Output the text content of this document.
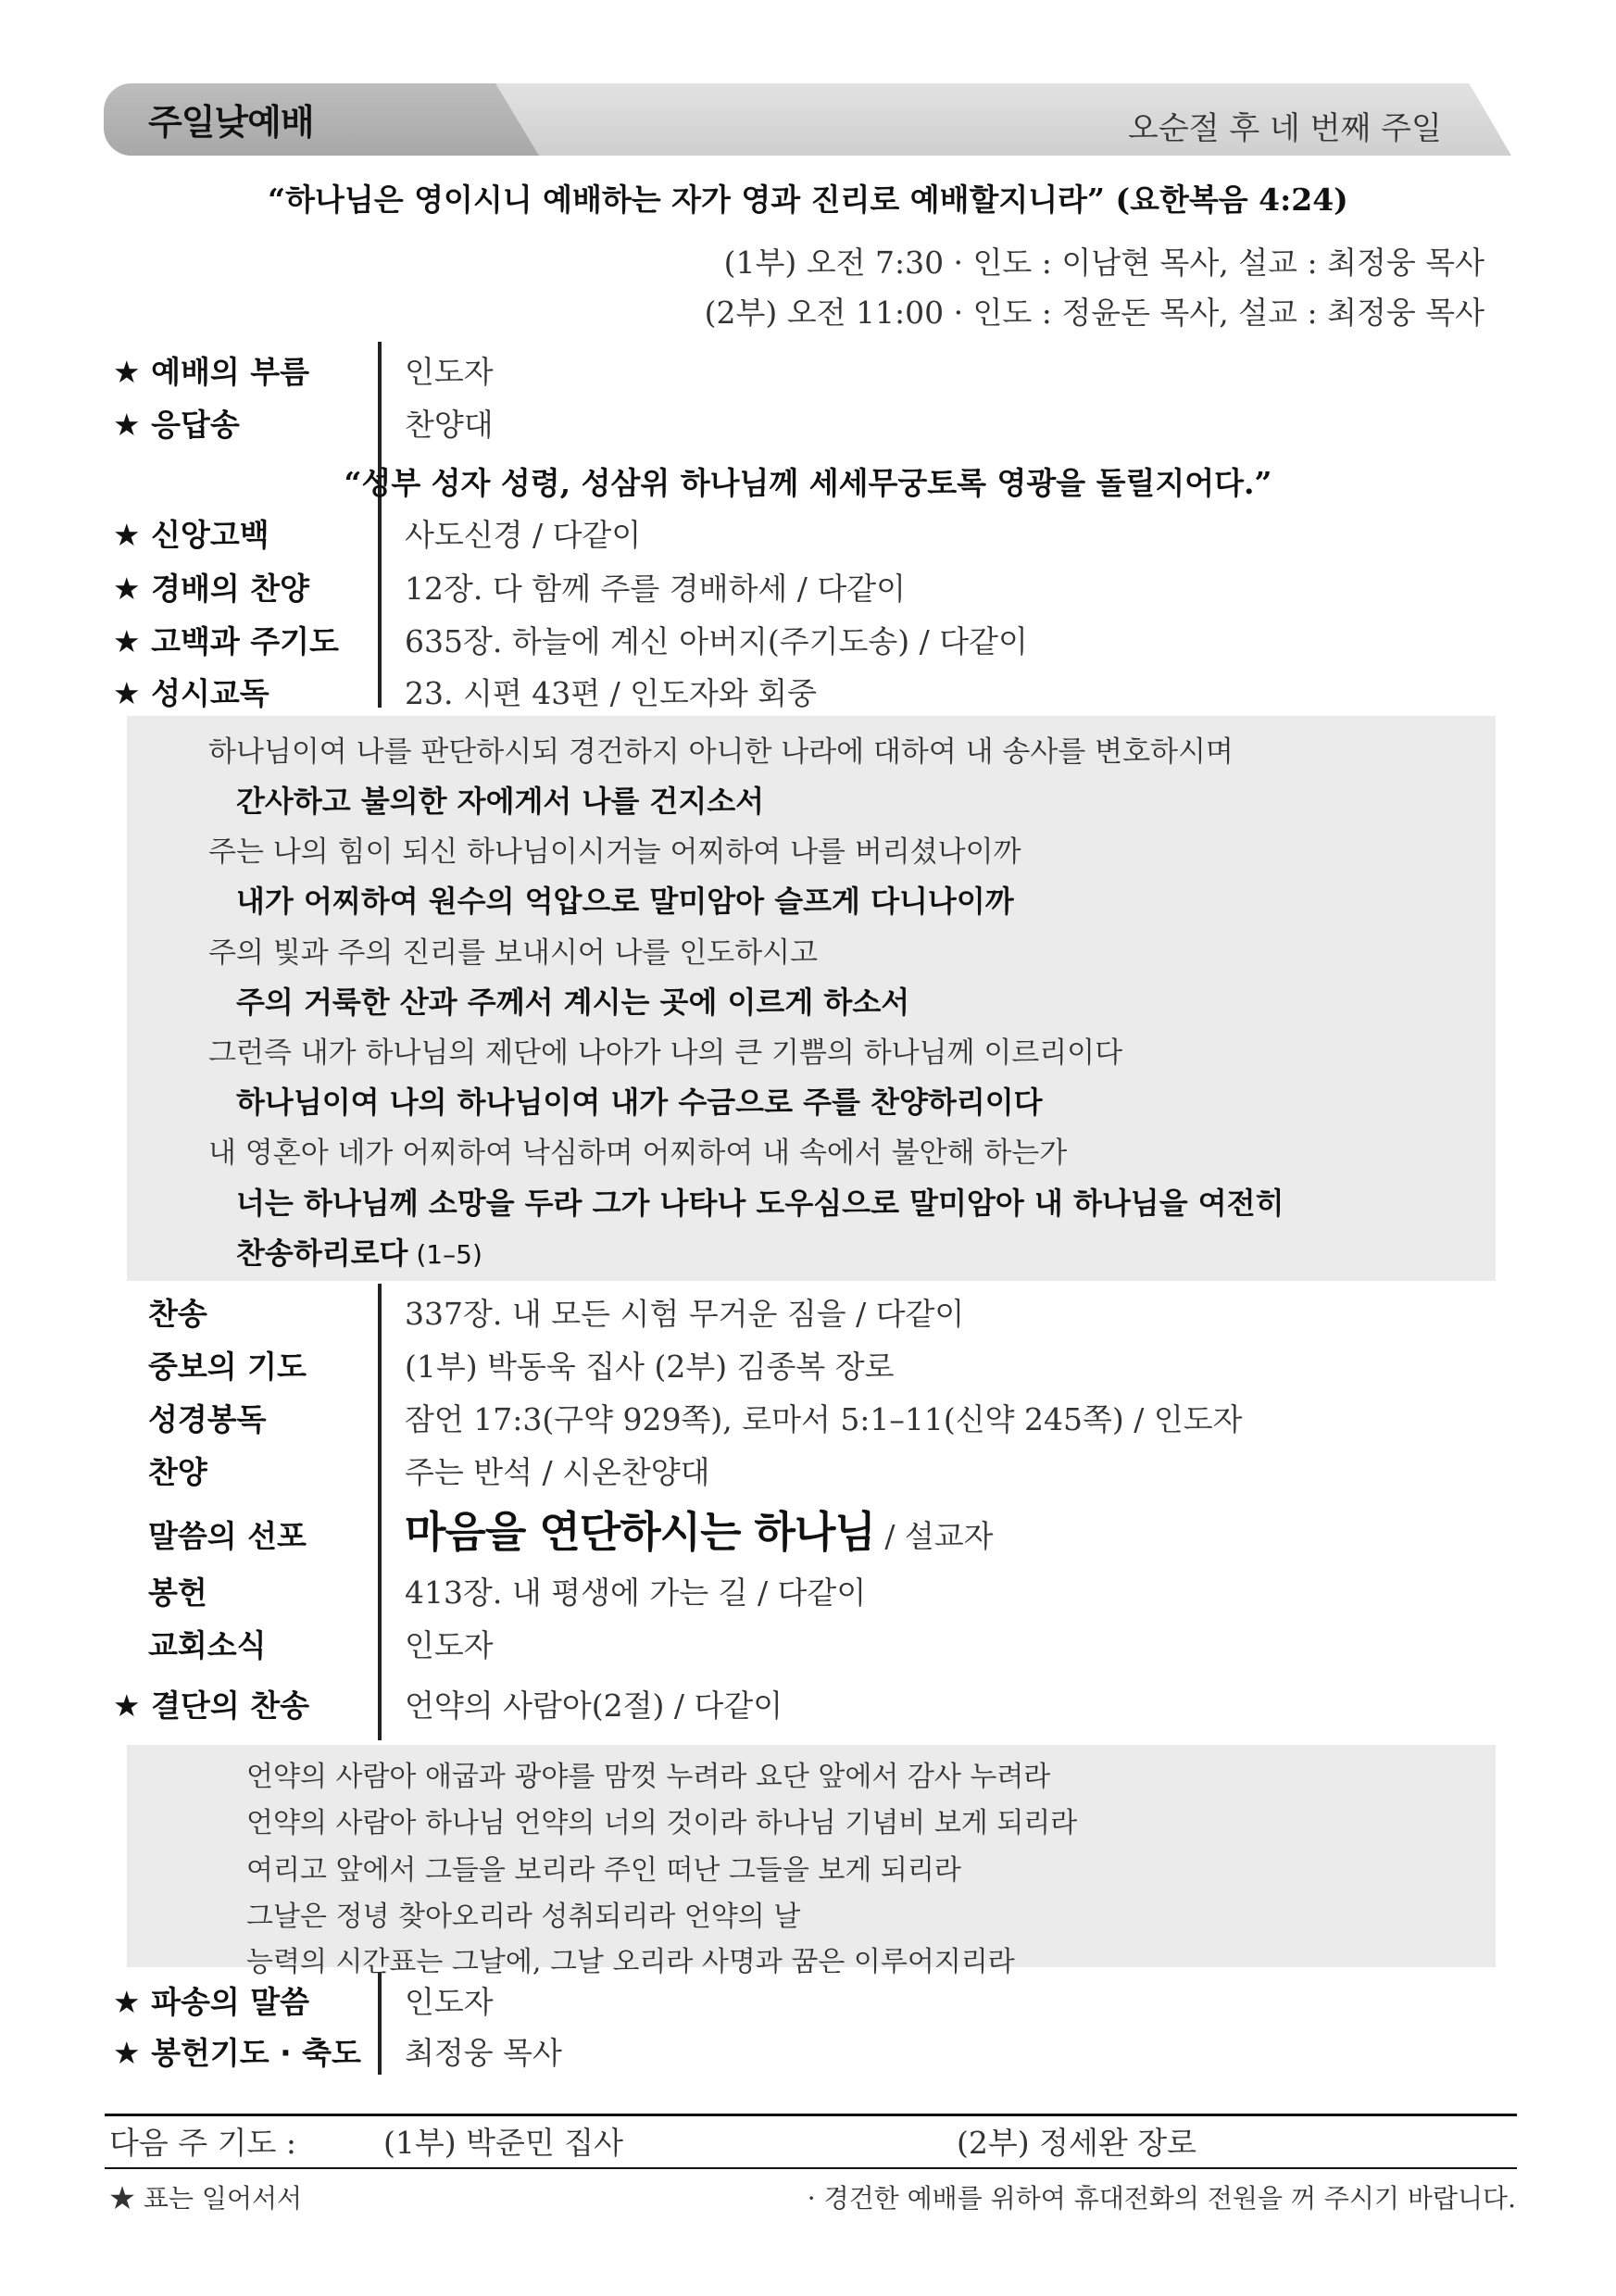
주일낮예배	오순절 후 네 번째 주일
“하나님은 영이시니 예배하는 자가 영과 진리로 예배할지니라” (요한복음 4:24)
(1부) 오전 7:30 · 인도 : 이남현 목사, 설교 : 최정웅 목사
(2부) 오전 11:00 · 인도 : 정윤돈 목사, 설교 : 최정웅 목사
★ 예배의 부름	인도자
★ 응답송	찬양대
“성부 성자 성령, 성삼위 하나님께 세세무궁토록 영광을 돌릴지어다.”
★ 신앙고백	사도신경 / 다같이
★ 경배의 찬양	12장. 다 함께 주를 경배하세 / 다같이
★ 고백과 주기도 635장. 하늘에 계신 아버지(주기도송) / 다같이
★ 성시교독	23. 시편 43편 / 인도자와 회중
하나님이여 나를 판단하시되 경건하지 아니한 나라에 대하여 내 송사를 변호하시며
간사하고 불의한 자에게서 나를 건지소서
주는 나의 힘이 되신 하나님이시거늘 어찌하여 나를 버리셨나이까
내가 어찌하여 원수의 억압으로 말미암아 슬프게 다니나이까
주의 빛과 주의 진리를 보내시어 나를 인도하시고
주의 거룩한 산과 주께서 계시는 곳에 이르게 하소서
그런즉 내가 하나님의 제단에 나아가 나의 큰 기쁨의 하나님께 이르리이다
하나님이여 나의 하나님이여 내가 수금으로 주를 찬양하리이다
내 영혼아 네가 어찌하여 낙심하며 어찌하여 내 속에서 불안해 하는가
너는 하나님께 소망을 두라 그가 나타나 도우심으로 말미암아 내 하나님을 여전히
찬송하리로다 (1–5)
찬송	337장. 내 모든 시험 무거운 짐을 / 다같이
중보의 기도	(1부) 박동욱 집사 (2부) 김종복 장로
성경봉독	잠언 17:3(구약 929쪽), 로마서 5:1–11(신약 245쪽) / 인도자
찬양	주는 반석 / 시온찬양대
말씀의 선포 마음을 연단하시는 하나님 / 설교자
봉헌	413장. 내 평생에 가는 길 / 다같이
교회소식	인도자
★ 결단의 찬송	언약의 사람아(2절) / 다같이
언약의 사람아 애굽과 광야를 맘껏 누려라 요단 앞에서 감사 누려라
언약의 사람아 하나님 언약의 너의 것이라 하나님 기념비 보게 되리라
여리고 앞에서 그들을 보리라 주인 떠난 그들을 보게 되리라
그날은 정녕 찾아오리라 성취되리라 언약의 날
능력의 시간표는 그날에, 그날 오리라 사명과 꿈은 이루어지리라
★ 파송의 말씀	인도자
★ 봉헌기도 · 축도 최정웅 목사
다음 주 기도 :	(1부) 박준민 집사	(2부) 정세완 장로
★ 표는 일어서서	· 경건한 예배를 위하여 휴대전화의 전원을 꺼 주시기 바랍니다.
